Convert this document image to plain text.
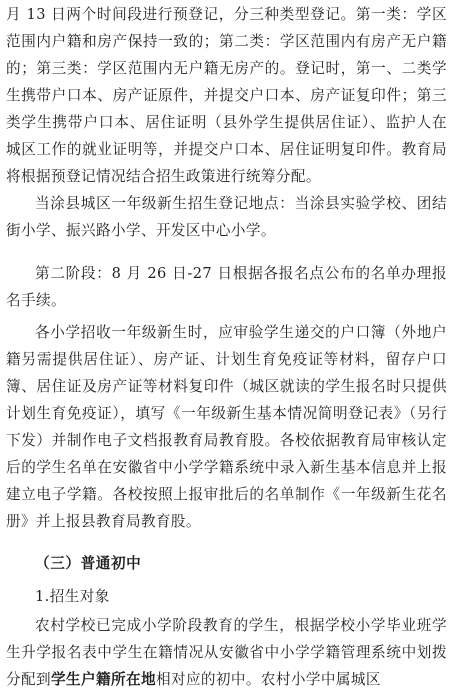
月 13 日两个时间段进行预登记，分三种类型登记。第一类：学区范围内户籍和房产保持一致的；第二类：学区范围内有房产无户籍的；第三类：学区范围内无户籍无房产的。登记时，第一、二类学生携带户口本、房产证原件，并提交户口本、房产证复印件；第三类学生携带户口本、居住证明（县外学生提供居住证）、监护人在城区工作的就业证明等，并提交户口本、居住证明复印件。教育局将根据预登记情况结合招生政策进行统筹分配。
当涂县城区一年级新生招生登记地点：当涂县实验学校、团结街小学、振兴路小学、开发区中心小学。
第二阶段：8 月 26 日-27 日根据各报名点公布的名单办理报名手续。
各小学招收一年级新生时，应审验学生递交的户口簿（外地户籍另需提供居住证）、房产证、计划生育免疫证等材料，留存户口簿、居住证及房产证等材料复印件（城区就读的学生报名时只提供计划生育免疫证），填写《一年级新生基本情况简明登记表》（另行下发）并制作电子文档报教育局教育股。各校依据教育局审核认定后的学生名单在安徽省中小学学籍系统中录入新生基本信息并上报建立电子学籍。各校按照上报审批后的名单制作《一年级新生花名册》并上报县教育局教育股。
（三）普通初中
1.招生对象
农村学校已完成小学阶段教育的学生，根据学校小学毕业班学生升学报名表中学生在籍情况从安徽省中小学学籍管理系统中划拨分配到学生户籍所在地相对应的初中。农村小学中属城区
